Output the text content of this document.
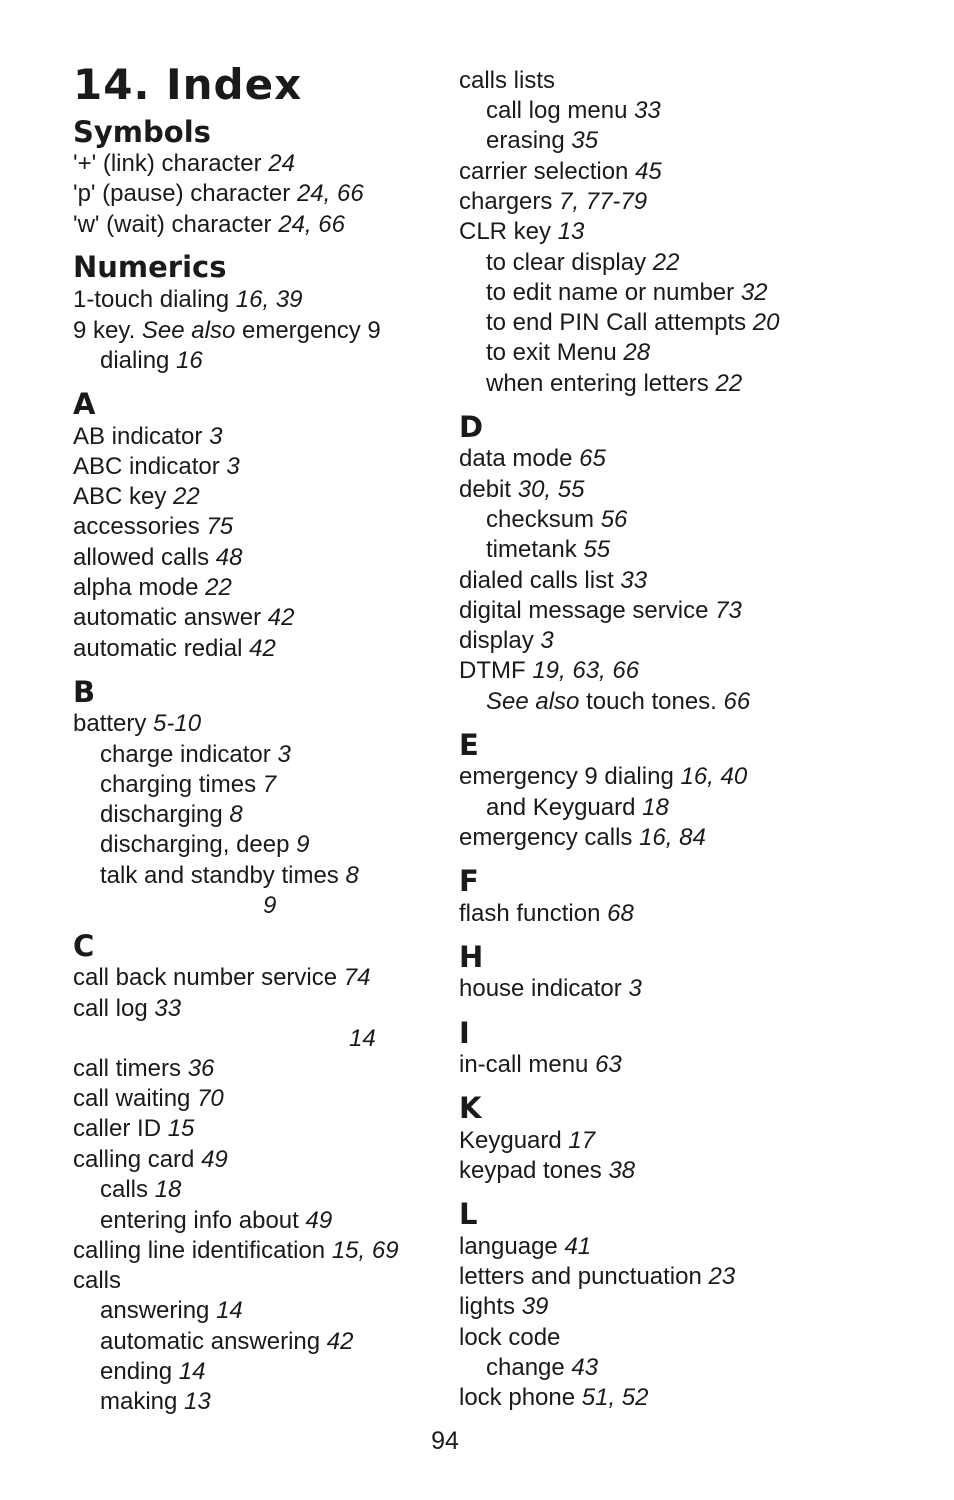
14. Index
Symbols
'+' (link) character 24
'p' (pause) character 24, 66
'w' (wait) character 24, 66
Numerics
1-touch dialing 16, 39
9 key. See also emergency 9
dialing 16
A
AB indicator 3
ABC indicator 3
ABC key 22
accessories 75
allowed calls 48
alpha mode 22
automatic answer 42
automatic redial 42
B
battery 5-10
charge indicator 3
charging times 7
discharging 8
discharging, deep 9
talk and standby times 8
9
C
call back number service 74
call log 33
14
call timers 36
call waiting 70
caller ID 15
calling card 49
calls 18
entering info about 49
calling line identification 15, 69
calls
answering 14
automatic answering 42
ending 14
making 13
calls lists
call log menu 33
erasing 35
carrier selection 45
chargers 7, 77-79
CLR key 13
to clear display 22
to edit name or number 32
to end PIN Call attempts 20
to exit Menu 28
when entering letters 22
D
data mode 65
debit 30, 55
checksum 56
timetank 55
dialed calls list 33
digital message service 73
display 3
DTMF 19, 63, 66
See also touch tones. 66
E
emergency 9 dialing 16, 40
and Keyguard 18
emergency calls 16, 84
F
flash function 68
H
house indicator 3
I
in-call menu 63
K
Keyguard 17
keypad tones 38
L
language 41
letters and punctuation 23
lights 39
lock code
change 43
lock phone 51, 52
94
